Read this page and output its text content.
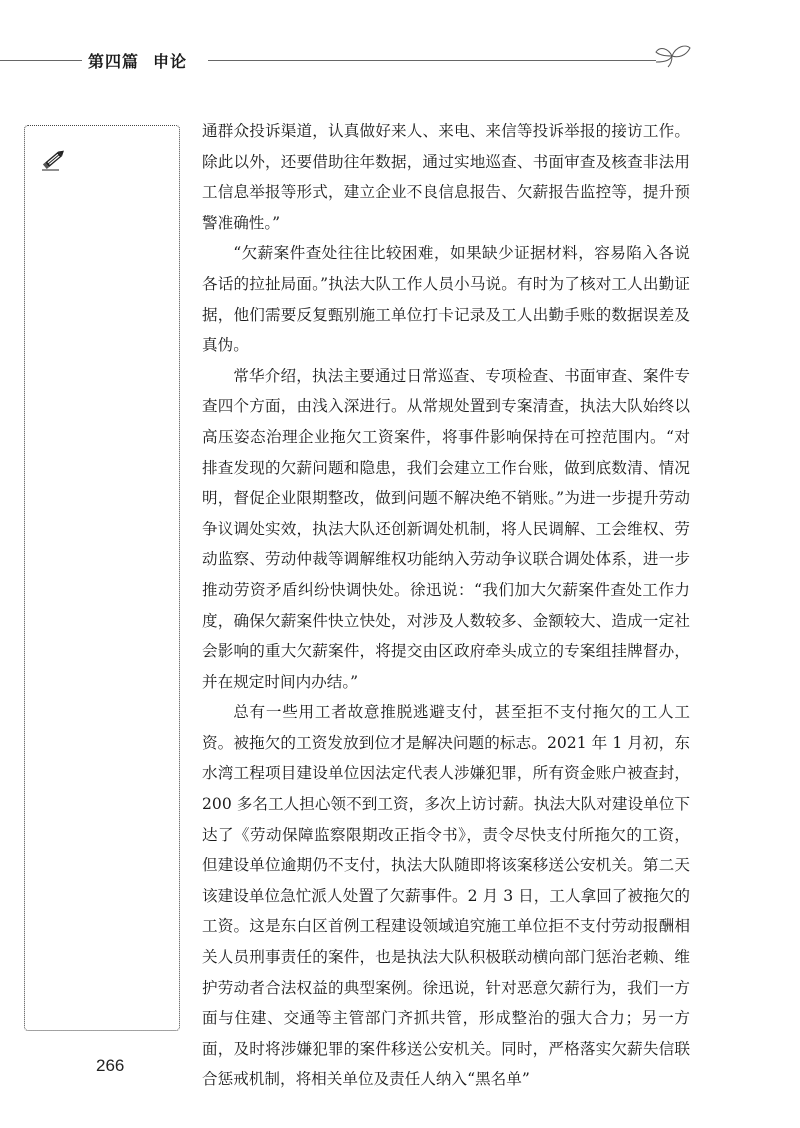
第四篇 申论

通群众投诉渠道，认真做好来人、来电、来信等投诉举报的接访工作。除此以外，还要借助往年数据，通过实地巡查、书面审查及核查非法用工信息举报等形式，建立企业不良信息报告、欠薪报告监控等，提升预警准确性。”

“欠薪案件查处往往比较困难，如果缺少证据材料，容易陷入各说各话的拉扯局面。”执法大队工作人员小马说。有时为了核对工人出勤证据，他们需要反复甄别施工单位打卡记录及工人出勤手账的数据误差及真伪。

常华介绍，执法主要通过日常巡查、专项检查、书面审查、案件专查四个方面，由浅入深进行。从常规处置到专案清查，执法大队始终以高压姿态治理企业拖欠工资案件，将事件影响保持在可控范围内。“对排查发现的欠薪问题和隐患，我们会建立工作台账，做到底数清、情况明，督促企业限期整改，做到问题不解决绝不销账。”为进一步提升劳动争议调处实效，执法大队还创新调处机制，将人民调解、工会维权、劳动监察、劳动仲裁等调解维权功能纳入劳动争议联合调处体系，进一步推动劳资矛盾纠纷快调快处。徐迅说：“我们加大欠薪案件查处工作力度，确保欠薪案件快立快处，对涉及人数较多、金额较大、造成一定社会影响的重大欠薪案件，将提交由区政府牵头成立的专案组挂牌督办，并在规定时间内办结。”

总有一些用工者故意推脱逃避支付，甚至拒不支付拖欠的工人工资。被拖欠的工资发放到位才是解决问题的标志。2021 年 1 月初，东水湾工程项目建设单位因法定代表人涉嫌犯罪，所有资金账户被查封，200 多名工人担心领不到工资，多次上访讨薪。执法大队对建设单位下达了《劳动保障监察限期改正指令书》，责令尽快支付所拖欠的工资，但建设单位逾期仍不支付，执法大队随即将该案移送公安机关。第二天该建设单位急忙派人处置了欠薪事件。2 月 3 日，工人拿回了被拖欠的工资。这是东白区首例工程建设领域追究施工单位拒不支付劳动报酬相关人员刑事责任的案件，也是执法大队积极联动横向部门惩治老赖、维护劳动者合法权益的典型案例。徐迅说，针对恶意欠薪行为，我们一方面与住建、交通等主管部门齐抓共管，形成整治的强大合力；另一方面，及时将涉嫌犯罪的案件移送公安机关。同时，严格落实欠薪失信联合惩戒机制，将相关单位及责任人纳入“黑名单”

266
